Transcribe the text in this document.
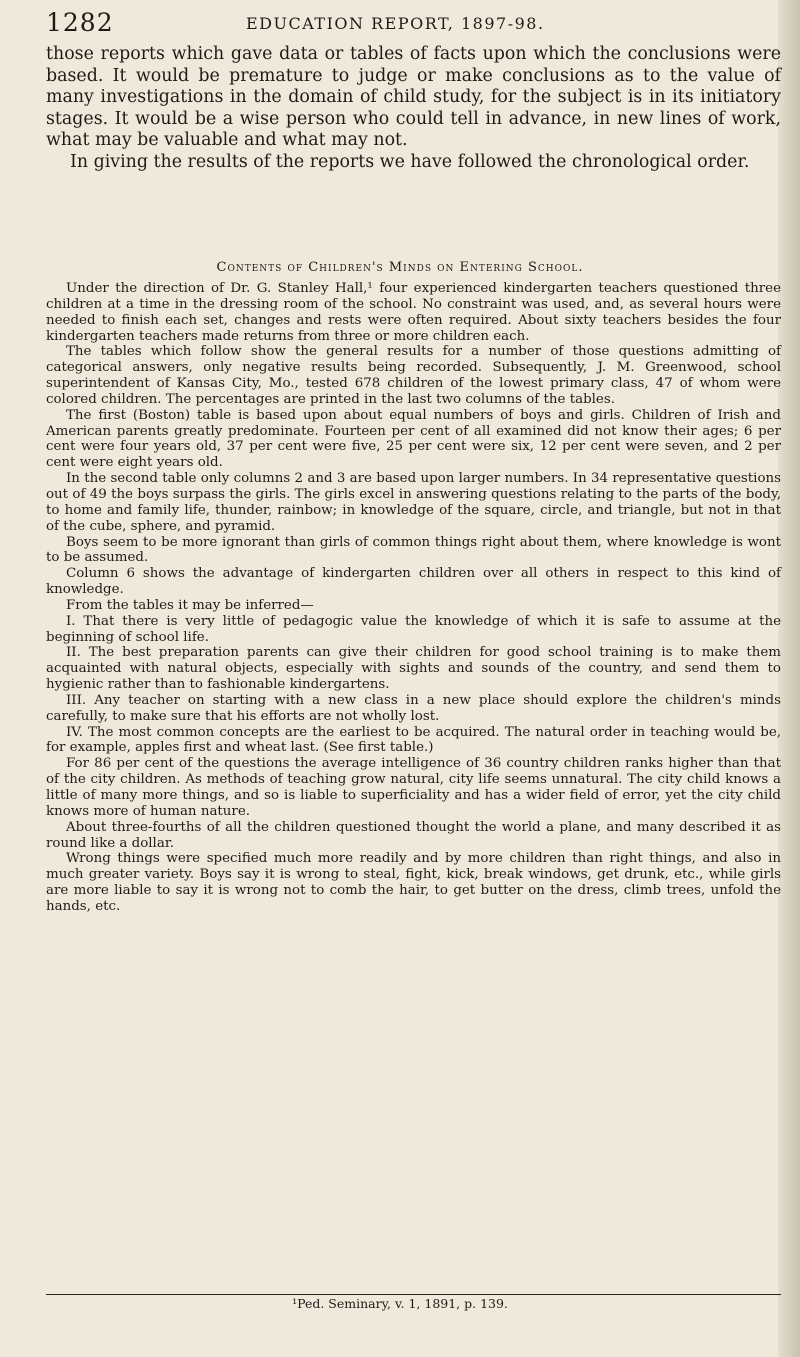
1282	EDUCATION REPORT, 1897-98.

those reports which gave data or tables of facts upon which the conclusions were based. It would be premature to judge or make conclusions as to the value of many investigations in the domain of child study, for the subject is in its initiatory stages. It would be a wise person who could tell in advance, in new lines of work, what may be valuable and what may not.

In giving the results of the reports we have followed the chronological order.

Contents of Children's Minds on Entering School.

Under the direction of Dr. G. Stanley Hall,¹ four experienced kindergarten teachers questioned three children at a time in the dressing room of the school. No constraint was used, and, as several hours were needed to finish each set, changes and rests were often required. About sixty teachers besides the four kindergarten teachers made returns from three or more children each.

The tables which follow show the general results for a number of those questions admitting of categorical answers, only negative results being recorded. Subsequently, J. M. Greenwood, school superintendent of Kansas City, Mo., tested 678 children of the lowest primary class, 47 of whom were colored children. The percentages are printed in the last two columns of the tables.

The first (Boston) table is based upon about equal numbers of boys and girls. Children of Irish and American parents greatly predominate. Fourteen per cent of all examined did not know their ages; 6 per cent were four years old, 37 per cent were five, 25 per cent were six, 12 per cent were seven, and 2 per cent were eight years old.

In the second table only columns 2 and 3 are based upon larger numbers. In 34 representative questions out of 49 the boys surpass the girls. The girls excel in answering questions relating to the parts of the body, to home and family life, thunder, rainbow; in knowledge of the square, circle, and triangle, but not in that of the cube, sphere, and pyramid.

Boys seem to be more ignorant than girls of common things right about them, where knowledge is wont to be assumed.

Column 6 shows the advantage of kindergarten children over all others in respect to this kind of knowledge.

From the tables it may be inferred—

I. That there is very little of pedagogic value the knowledge of which it is safe to assume at the beginning of school life.

II. The best preparation parents can give their children for good school training is to make them acquainted with natural objects, especially with sights and sounds of the country, and send them to hygienic rather than to fashionable kindergartens.

III. Any teacher on starting with a new class in a new place should explore the children's minds carefully, to make sure that his efforts are not wholly lost.

IV. The most common concepts are the earliest to be acquired. The natural order in teaching would be, for example, apples first and wheat last. (See first table.)

For 86 per cent of the questions the average intelligence of 36 country children ranks higher than that of the city children. As methods of teaching grow natural, city life seems unnatural. The city child knows a little of many more things, and so is liable to superficiality and has a wider field of error, yet the city child knows more of human nature.

About three-fourths of all the children questioned thought the world a plane, and many described it as round like a dollar.

Wrong things were specified much more readily and by more children than right things, and also in much greater variety. Boys say it is wrong to steal, fight, kick, break windows, get drunk, etc., while girls are more liable to say it is wrong not to comb the hair, to get butter on the dress, climb trees, unfold the hands, etc.

¹Ped. Seminary, v. 1, 1891, p. 139.
